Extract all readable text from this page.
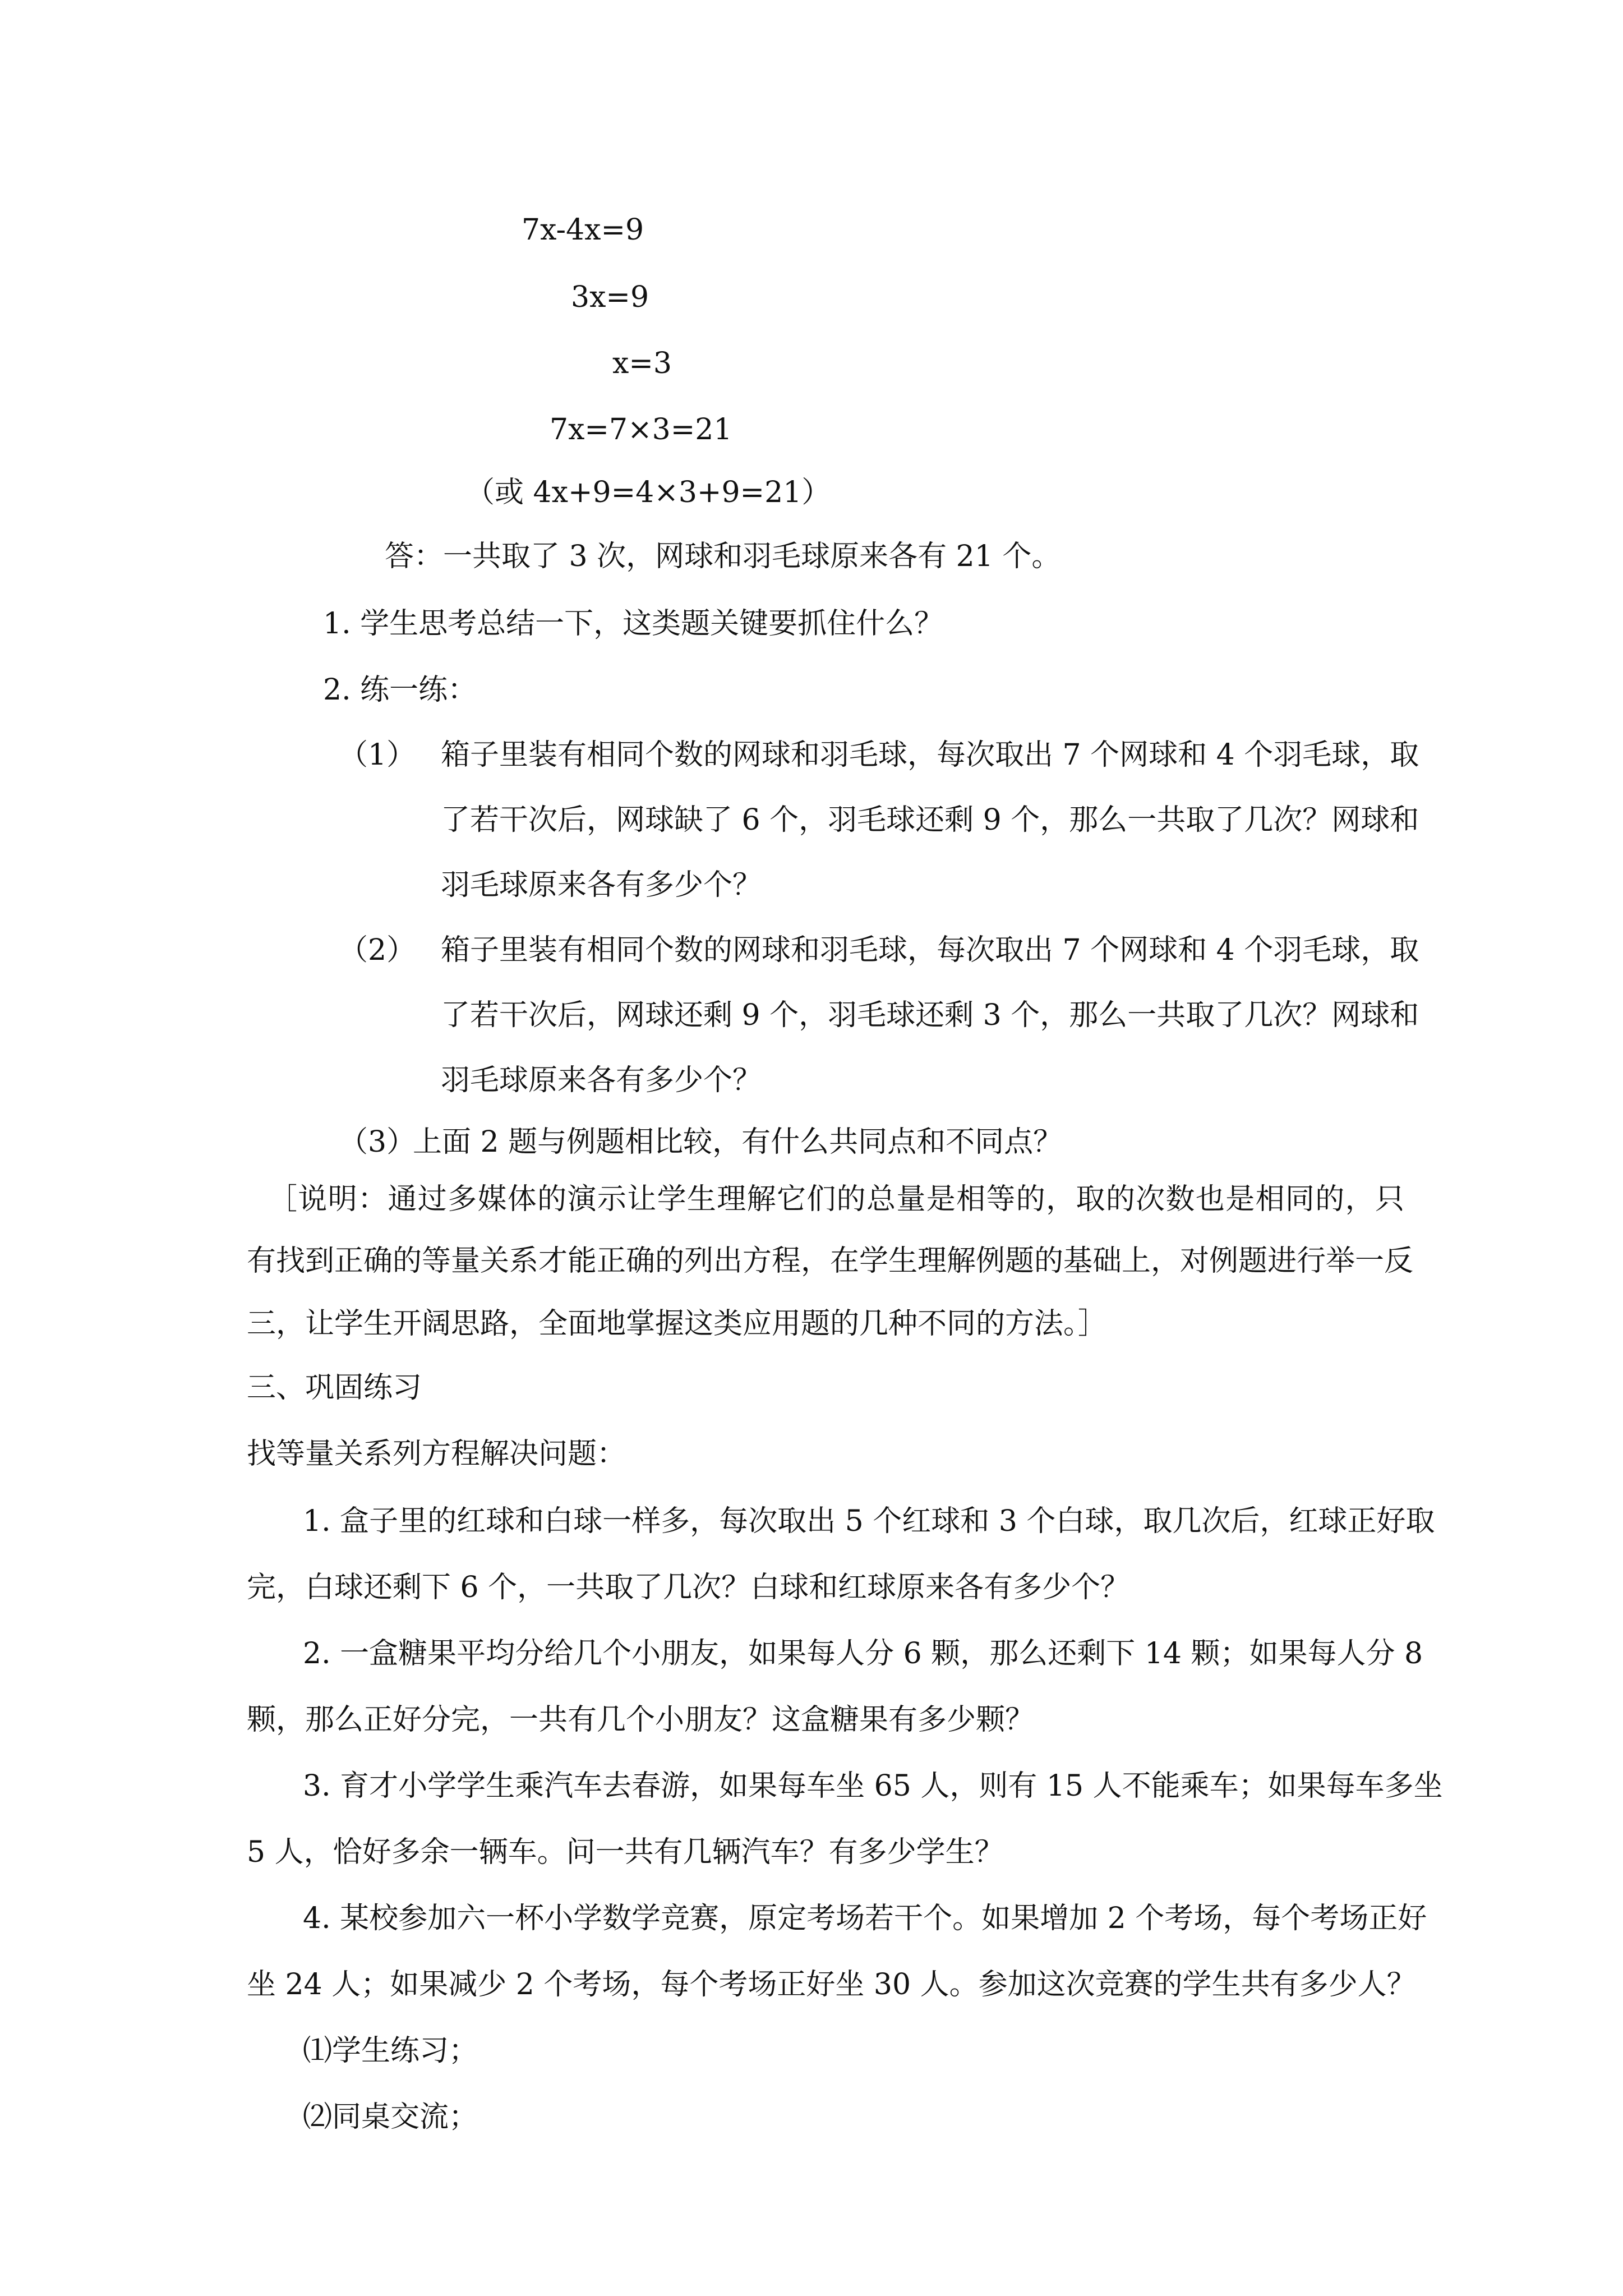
7x-4x=9
3x=9
x=3
7x=7×3=21
（或 4x+9=4×3+9=21）
答：一共取了 3 次，网球和羽毛球原来各有 21 个。
1. 学生思考总结一下，这类题关键要抓住什么？
2. 练一练：
（1） 箱子里装有相同个数的网球和羽毛球，每次取出 7 个网球和 4 个羽毛球，取
了若干次后，网球缺了 6 个，羽毛球还剩 9 个，那么一共取了几次？网球和
羽毛球原来各有多少个？
（2） 箱子里装有相同个数的网球和羽毛球，每次取出 7 个网球和 4 个羽毛球，取
了若干次后，网球还剩 9 个，羽毛球还剩 3 个，那么一共取了几次？网球和
羽毛球原来各有多少个？
（3）
上面 2 题与例题相比较，有什么共同点和不同点？
［说明：通过多媒体的演示让学生理解它们的总量是相等的，取的次数也是相同的，只
有找到正确的等量关系才能正确的列出方程，在学生理解例题的基础上，对例题进行举一反
三，让学生开阔思路，全面地掌握这类应用题的几种不同的方法。］
三、巩固练习
找等量关系列方程解决问题：
1. 盒子里的红球和白球一样多，每次取出 5 个红球和 3 个白球，取几次后，红球正好取
完，白球还剩下 6 个，一共取了几次？白球和红球原来各有多少个？
2. 一盒糖果平均分给几个小朋友，如果每人分 6 颗，那么还剩下 14 颗；如果每人分 8
颗，那么正好分完，一共有几个小朋友？这盒糖果有多少颗？
3. 育才小学学生乘汽车去春游，如果每车坐 65 人，则有 15 人不能乘车；如果每车多坐
5 人，恰好多余一辆车。问一共有几辆汽车？有多少学生？
4. 某校参加六一杯小学数学竞赛，原定考场若干个。如果增加 2 个考场，每个考场正好
坐 24 人；如果减少 2 个考场，每个考场正好坐 30 人。参加这次竞赛的学生共有多少人？
⑴学生练习；
⑵同桌交流；
